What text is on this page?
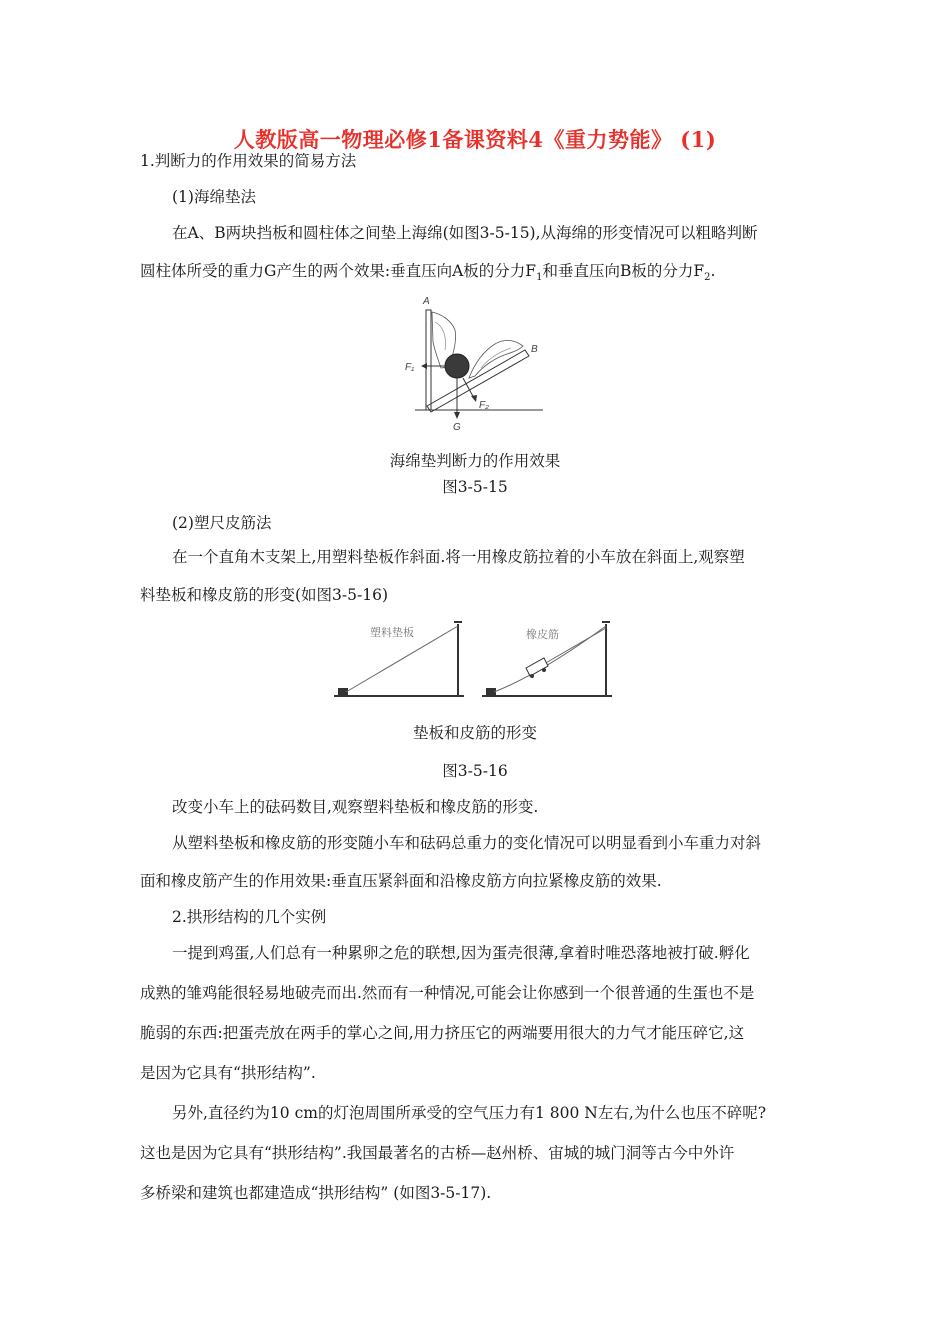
人教版高一物理必修1备课资料4《重力势能》 (1)
1.判断力的作用效果的简易方法
(1)海绵垫法
在A、B两块挡板和圆柱体之间垫上海绵(如图3-5-15),从海绵的形变情况可以粗略判断
圆柱体所受的重力G产生的两个效果:垂直压向A板的分力$F_1$和垂直压向B板的分力$F_2$.
A
B
F₁
F₂
G
海绵垫判断力的作用效果
图3-5-15
(2)塑尺皮筋法
在一个直角木支架上,用塑料垫板作斜面.将一用橡皮筋拉着的小车放在斜面上,观察塑
料垫板和橡皮筋的形变(如图3-5-16)
塑料垫板	橡皮筋
垫板和皮筋的形变
图3-5-16
改变小车上的砝码数目,观察塑料垫板和橡皮筋的形变.
从塑料垫板和橡皮筋的形变随小车和砝码总重力的变化情况可以明显看到小车重力对斜
面和橡皮筋产生的作用效果:垂直压紧斜面和沿橡皮筋方向拉紧橡皮筋的效果.
2.拱形结构的几个实例
一提到鸡蛋,人们总有一种累卵之危的联想,因为蛋壳很薄,拿着时唯恐落地被打破.孵化
成熟的雏鸡能很轻易地破壳而出.然而有一种情况,可能会让你感到一个很普通的生蛋也不是
脆弱的东西:把蛋壳放在两手的掌心之间,用力挤压它的两端要用很大的力气才能压碎它,这
是因为它具有“拱形结构”.
另外,直径约为10 cm的灯泡周围所承受的空气压力有1 800 N左右,为什么也压不碎呢?
这也是因为它具有“拱形结构”.我国最著名的古桥—赵州桥、宙城的城门洞等古今中外许
多桥梁和建筑也都建造成“拱形结构” (如图3-5-17).
